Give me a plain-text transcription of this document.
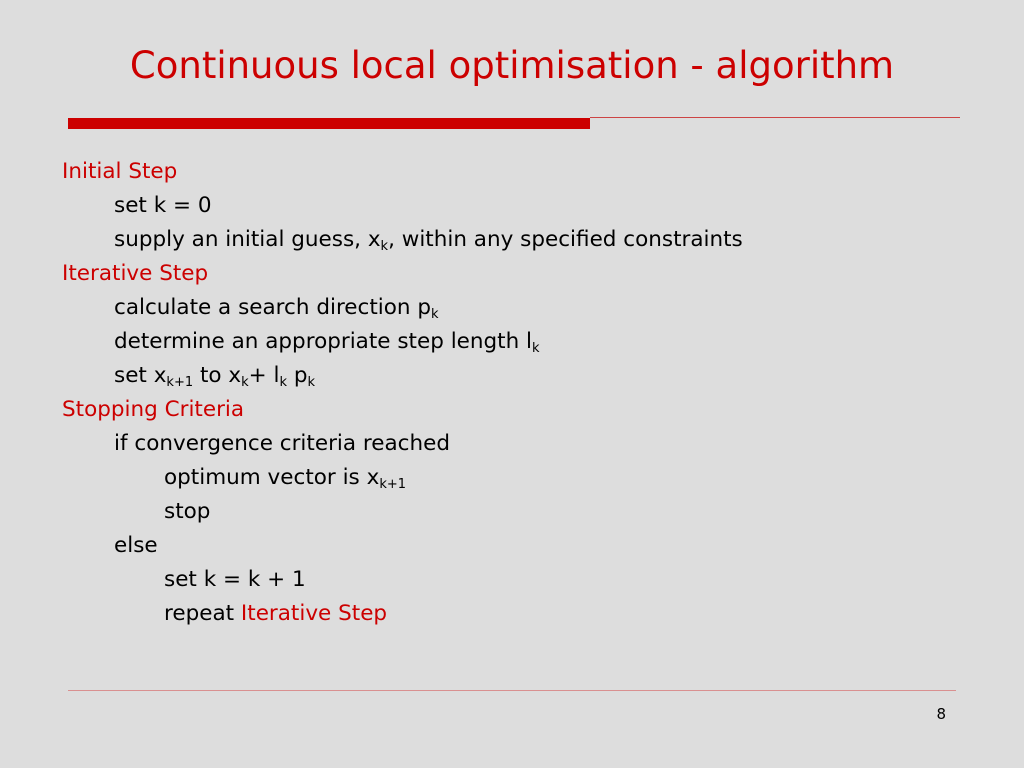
Continuous local optimisation - algorithm
Initial Step
set k = 0
supply an initial guess, $x_k$, within any specified constraints
Iterative Step
calculate a search direction $p_k$
determine an appropriate step length $l_k$
set $x_{k+1}$ to $x_k+ l_k$ $p_k$
Stopping Criteria
if convergence criteria reached
optimum vector is $x_{k+1}$
stop
else
set k = k + 1
repeat Iterative Step
8
